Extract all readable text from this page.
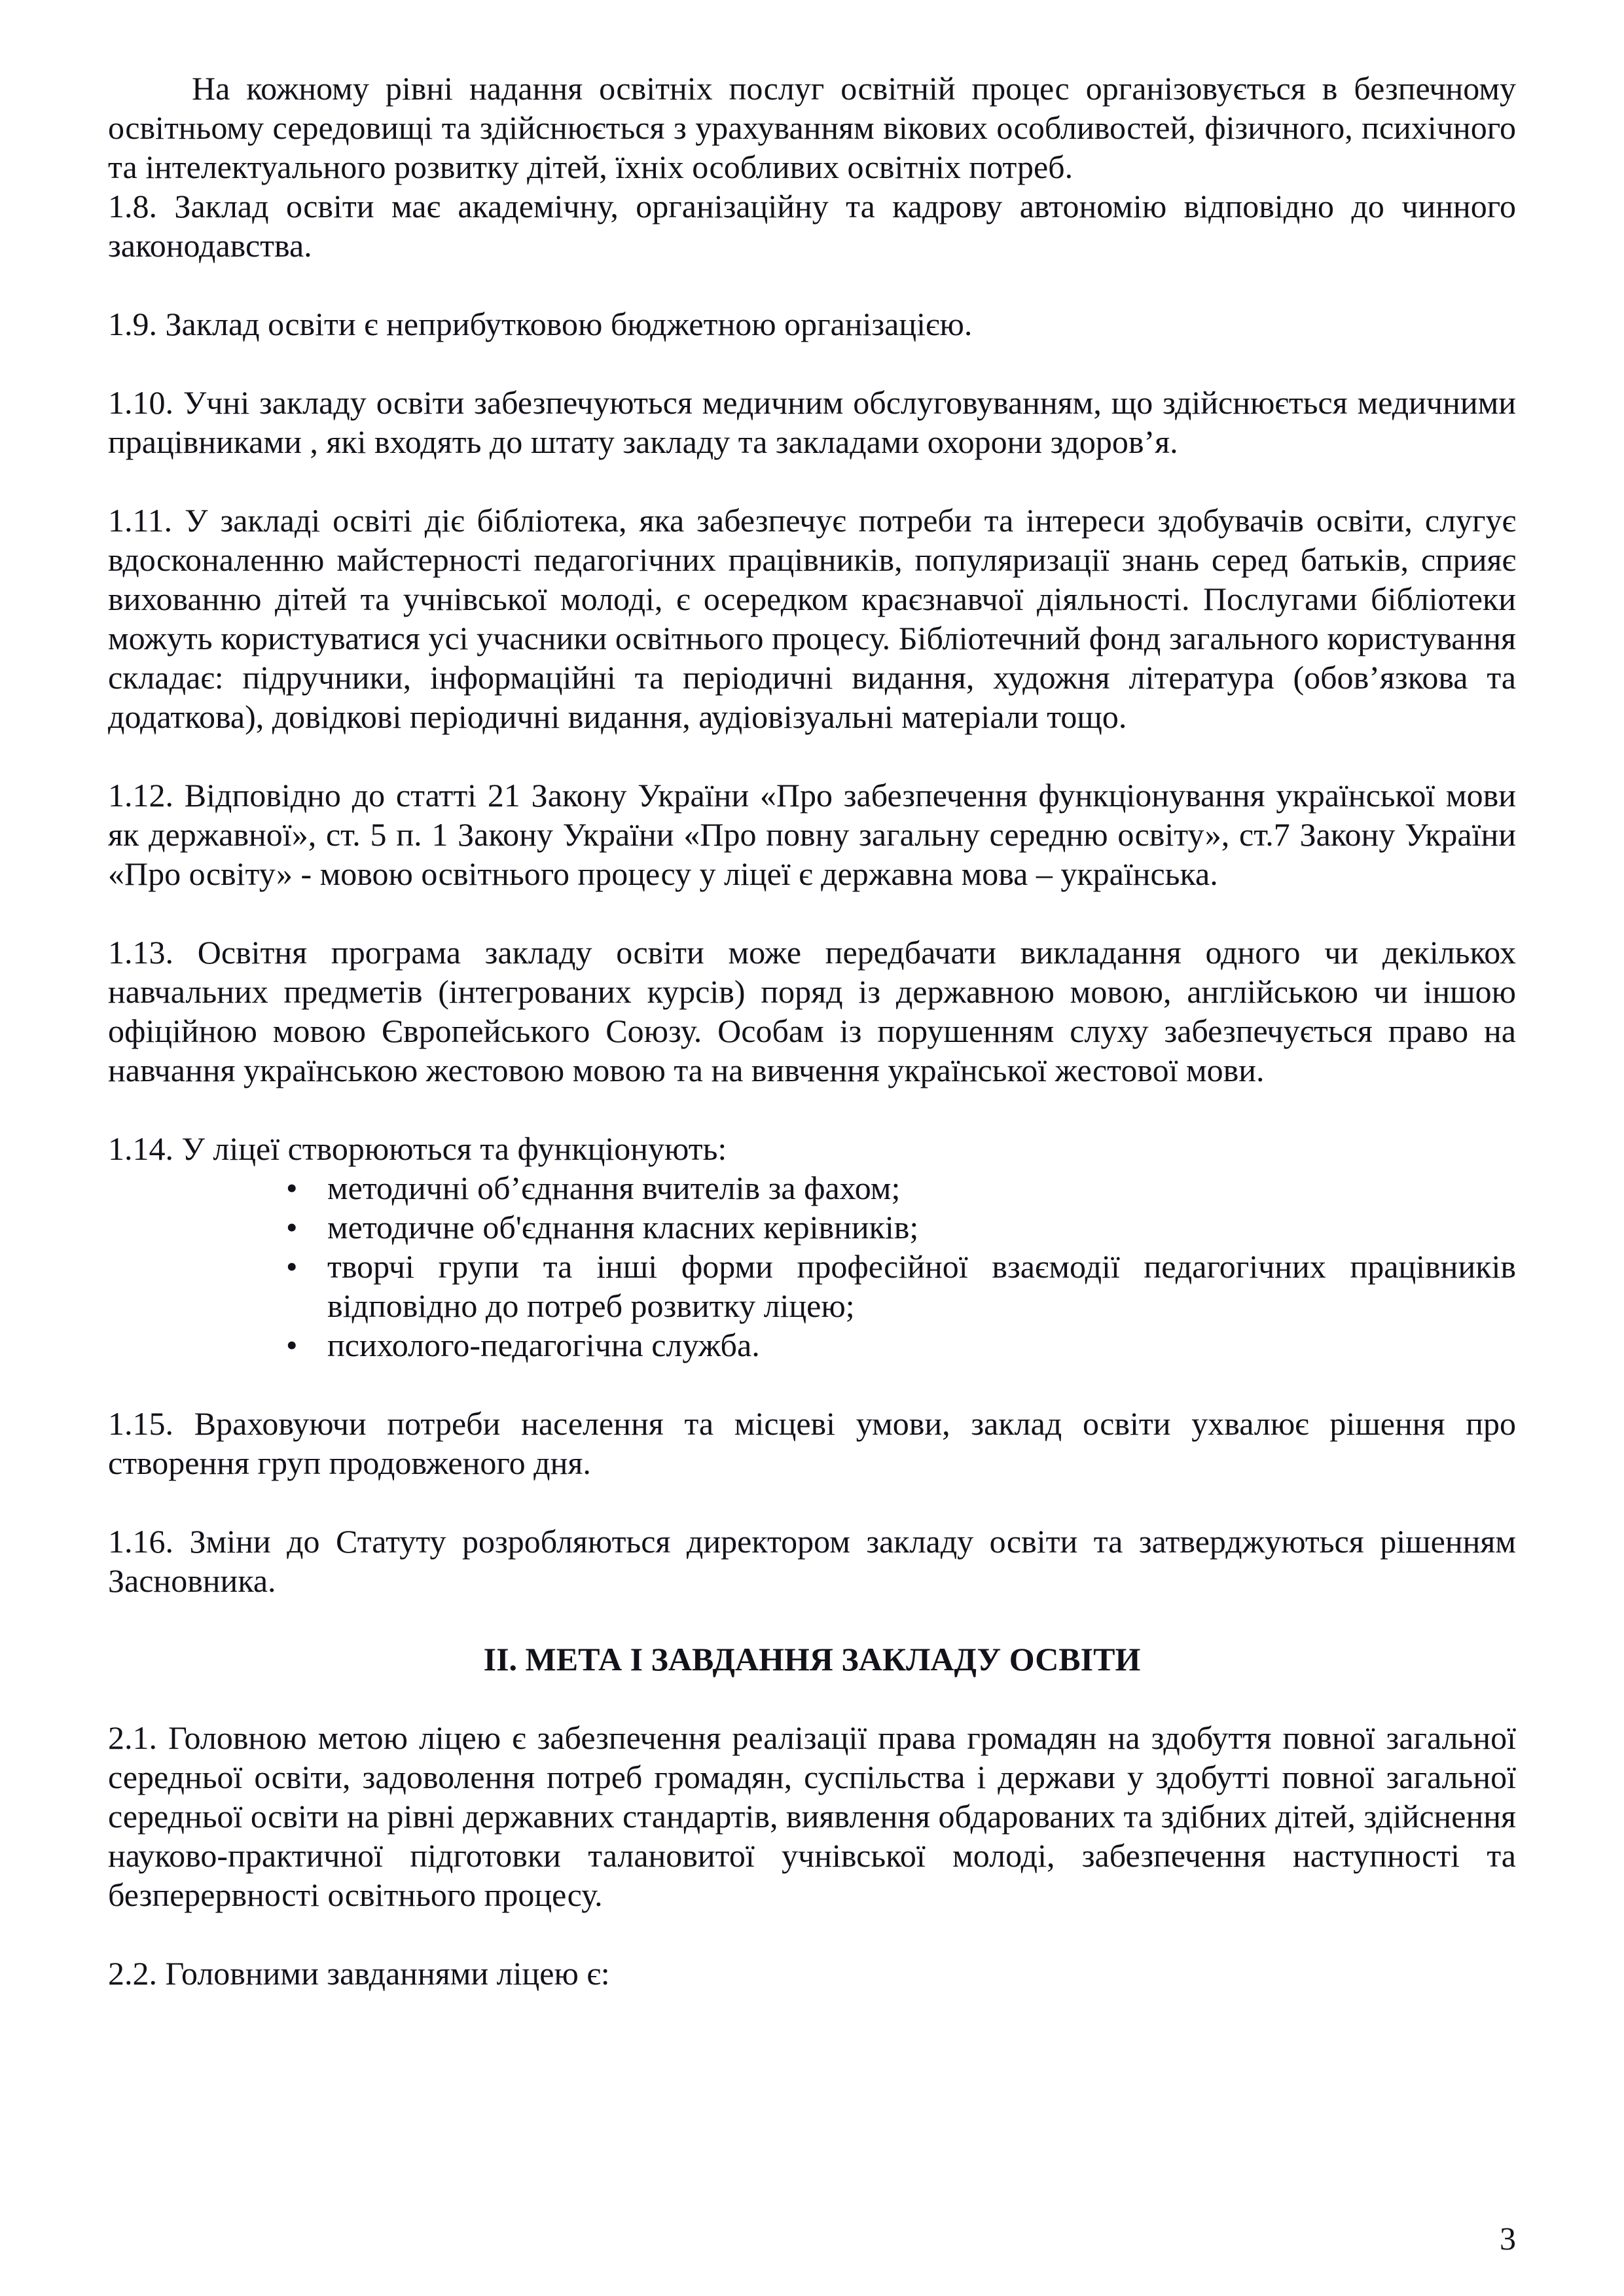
На кожному рівні надання освітніх послуг освітній процес організовується в безпечному освітньому середовищі та здійснюється з урахуванням вікових особливостей, фізичного, психічного та інтелектуального розвитку дітей, їхніх особливих освітніх потреб.

1.8. Заклад освіти має академічну, організаційну та кадрову автономію відповідно до чинного законодавства.

1.9. Заклад освіти є неприбутковою бюджетною організацією.

1.10. Учні закладу освіти забезпечуються медичним обслуговуванням, що здійснюється медичними працівниками , які входять до штату закладу та закладами охорони здоров’я.

1.11. У закладі освіті діє бібліотека, яка забезпечує потреби та інтереси здобувачів освіти, слугує вдосконаленню майстерності педагогічних працівників, популяризації знань серед батьків, сприяє вихованню дітей та учнівської молоді, є осередком краєзнавчої діяльності. Послугами бібліотеки можуть користуватися усі учасники освітнього процесу. Бібліотечний фонд загального користування складає: підручники, інформаційні та періодичні видання, художня література (обов’язкова та додаткова), довідкові періодичні видання, аудіовізуальні матеріали тощо.

1.12. Відповідно до статті 21 Закону України «Про забезпечення функціонування української мови як державної», ст. 5 п. 1 Закону України «Про повну загальну середню освіту», ст.7 Закону України «Про освіту» - мовою освітнього процесу у ліцеї є державна мова – українська.

1.13. Освітня програма закладу освіти може передбачати викладання одного чи декількох навчальних предметів (інтегрованих курсів) поряд із державною мовою, англійською чи іншою офіційною мовою Європейського Союзу. Особам із порушенням слуху забезпечується право на навчання українською жестовою мовою та на вивчення української жестової мови.

1.14. У ліцеї створюються та функціонують:

• методичні об’єднання вчителів за фахом;
• методичне об'єднання класних керівників;
• творчі групи та інші форми професійної взаємодії педагогічних працівників відповідно до потреб розвитку ліцею;
• психолого-педагогічна служба.

1.15. Враховуючи потреби населення та місцеві умови, заклад освіти ухвалює рішення про створення груп продовженого дня.

1.16. Зміни до Статуту розробляються директором закладу освіти та затверджуються рішенням Засновника.

ІІ. МЕТА І ЗАВДАННЯ ЗАКЛАДУ ОСВІТИ

2.1. Головною метою ліцею є забезпечення реалізації права громадян на здобуття повної загальної середньої освіти, задоволення потреб громадян, суспільства і держави у здобутті повної загальної середньої освіти на рівні державних стандартів, виявлення обдарованих та здібних дітей, здійснення науково-практичної підготовки талановитої учнівської молоді, забезпечення наступності та безперервності освітнього процесу.

2.2. Головними завданнями ліцею є:

3
